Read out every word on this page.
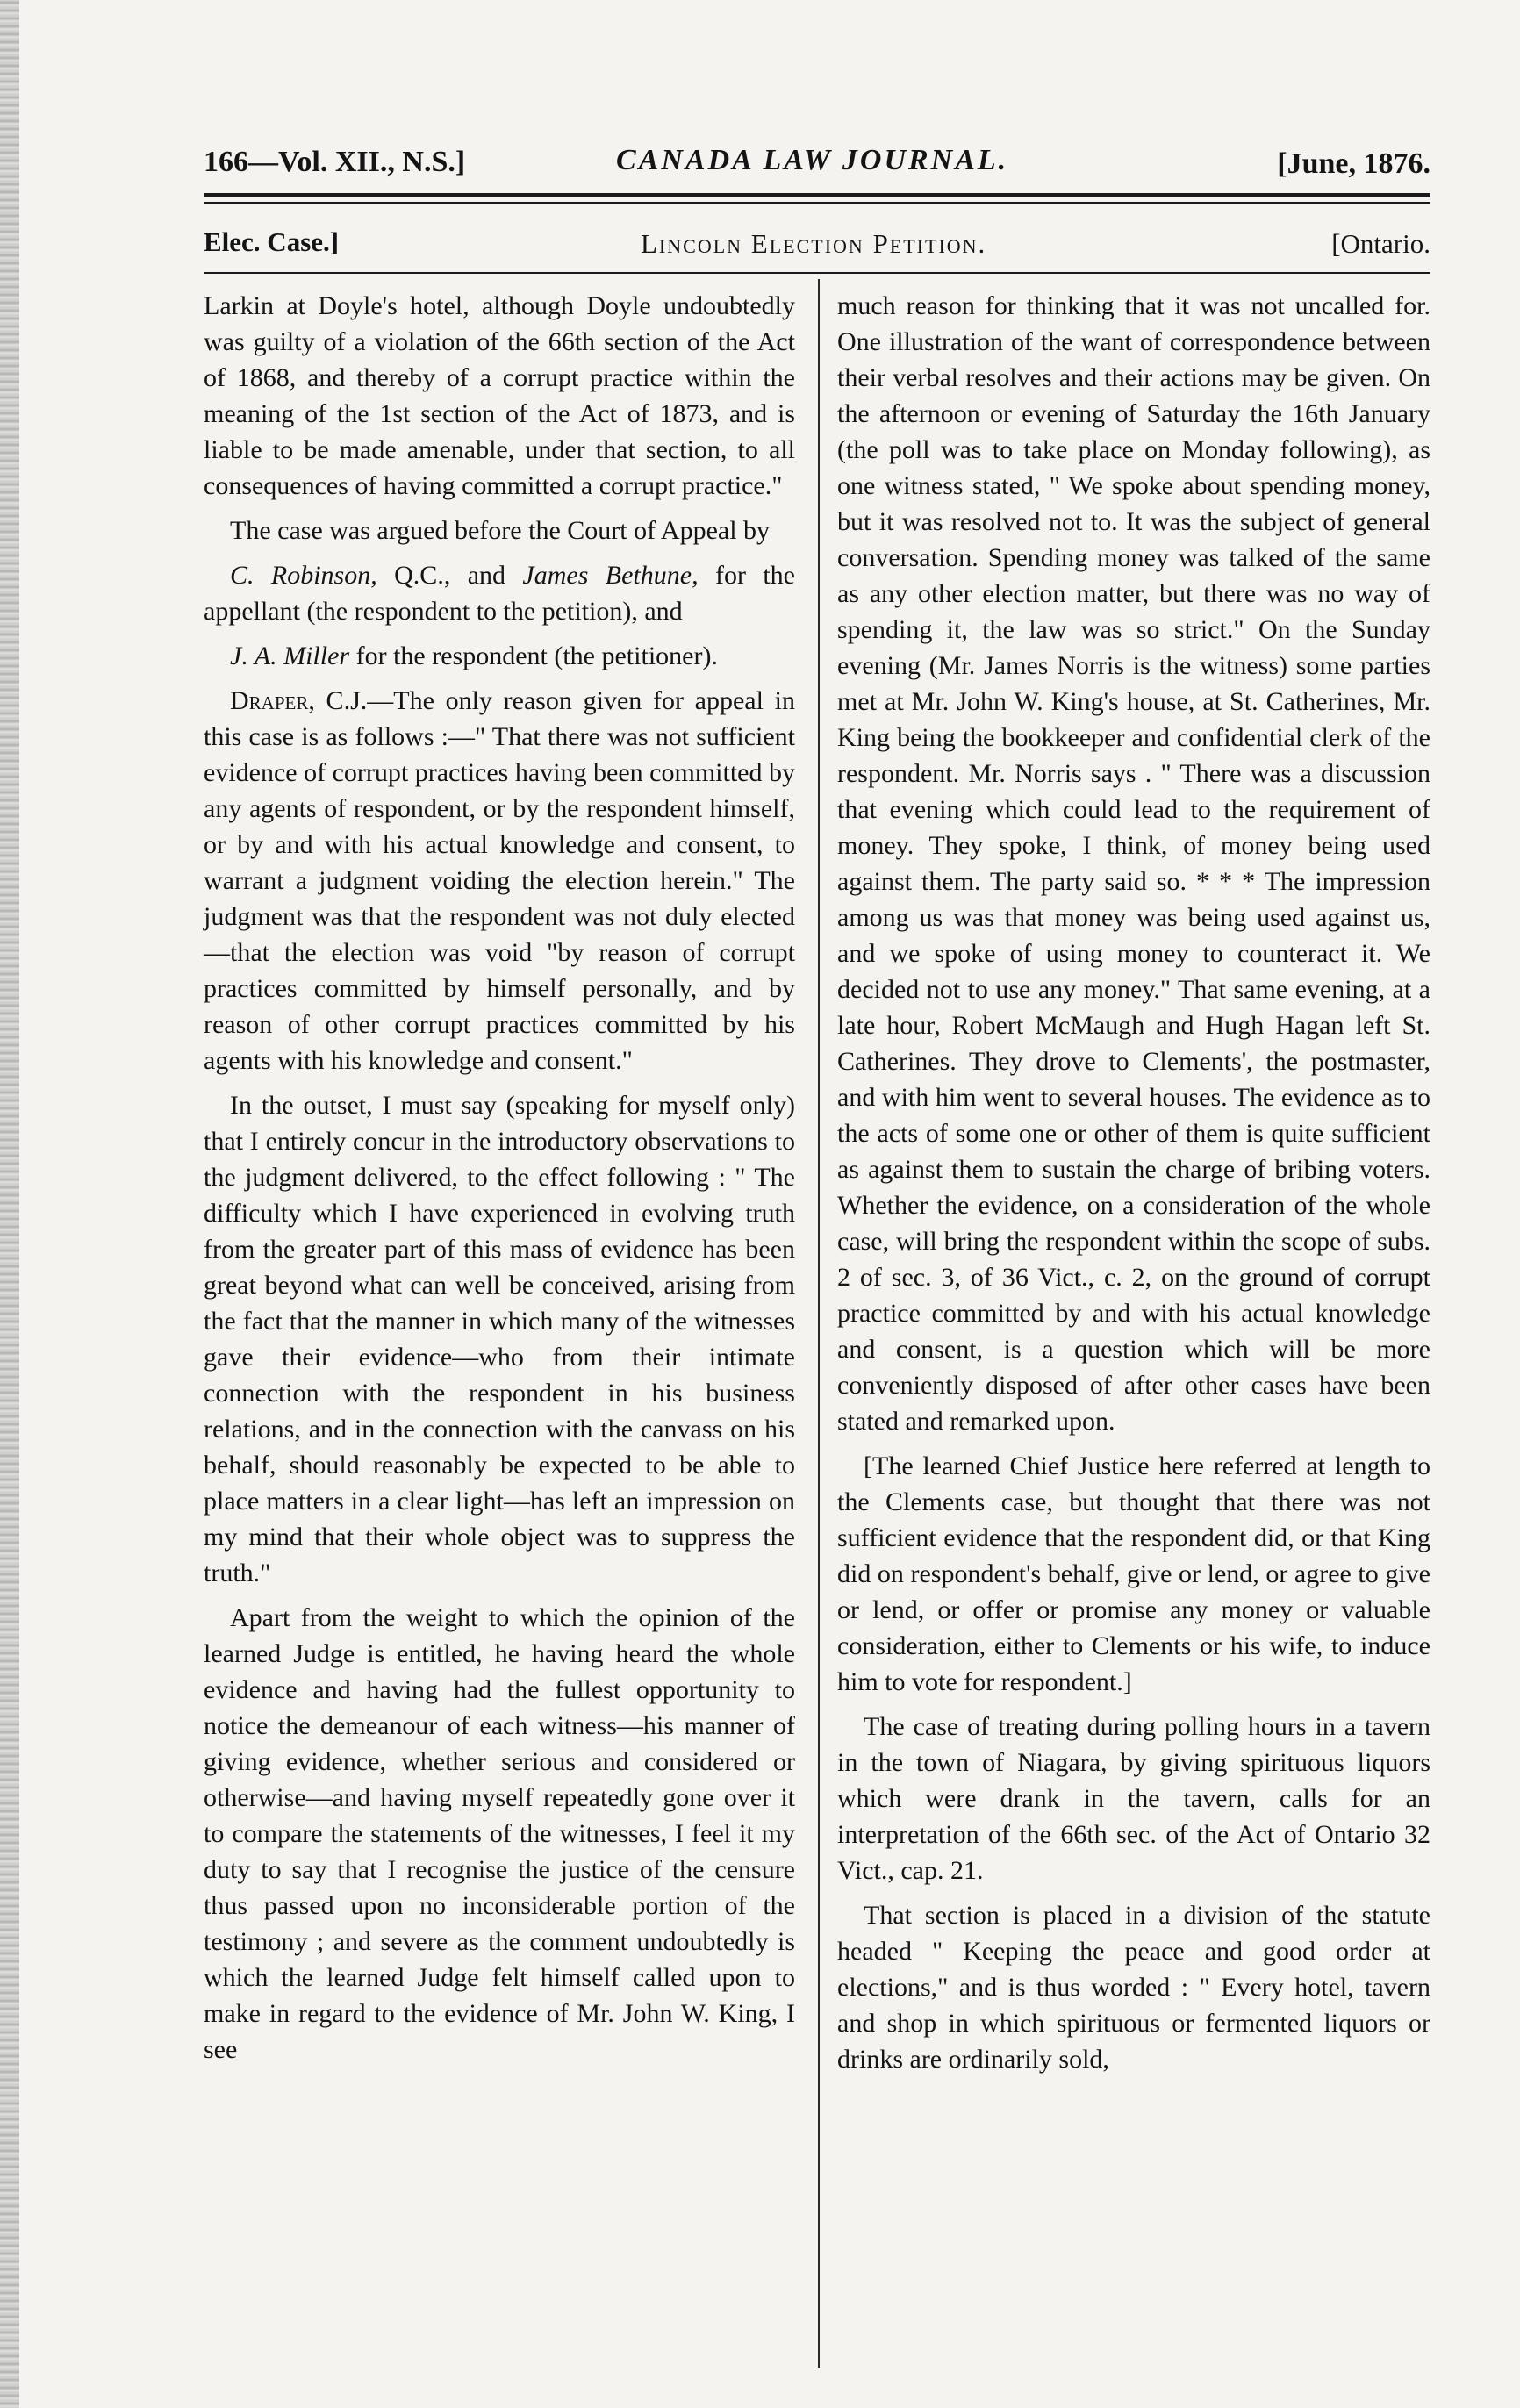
166—Vol. XII., N.S.]	CANADA LAW JOURNAL.	[June, 1876.
Elec. Case.]	Lincoln Election Petition.	[Ontario.

Larkin at Doyle's hotel, although Doyle undoubtedly was guilty of a violation of the 66th section of the Act of 1868, and thereby of a corrupt practice within the meaning of the 1st section of the Act of 1873, and is liable to be made amenable, under that section, to all consequences of having committed a corrupt practice."

The case was argued before the Court of Appeal by

C. Robinson, Q.C., and James Bethune, for the appellant (the respondent to the petition), and

J. A. Miller for the respondent (the petitioner).

Draper, C.J.—The only reason given for appeal in this case is as follows :—" That there was not sufficient evidence of corrupt practices having been committed by any agents of respondent, or by the respondent himself, or by and with his actual knowledge and consent, to warrant a judgment voiding the election herein." The judgment was that the respondent was not duly elected—that the election was void "by reason of corrupt practices committed by himself personally, and by reason of other corrupt practices committed by his agents with his knowledge and consent."

In the outset, I must say (speaking for myself only) that I entirely concur in the introductory observations to the judgment delivered, to the effect following : " The difficulty which I have experienced in evolving truth from the greater part of this mass of evidence has been great beyond what can well be conceived, arising from the fact that the manner in which many of the witnesses gave their evidence—who from their intimate connection with the respondent in his business relations, and in the connection with the canvass on his behalf, should reasonably be expected to be able to place matters in a clear light—has left an impression on my mind that their whole object was to suppress the truth."

Apart from the weight to which the opinion of the learned Judge is entitled, he having heard the whole evidence and having had the fullest opportunity to notice the demeanour of each witness—his manner of giving evidence, whether serious and considered or otherwise—and having myself repeatedly gone over it to compare the statements of the witnesses, I feel it my duty to say that I recognise the justice of the censure thus passed upon no inconsiderable portion of the testimony ; and severe as the comment undoubtedly is which the learned Judge felt himself called upon to make in regard to the evidence of Mr. John W. King, I see

much reason for thinking that it was not uncalled for. One illustration of the want of correspondence between their verbal resolves and their actions may be given. On the afternoon or evening of Saturday the 16th January (the poll was to take place on Monday following), as one witness stated, " We spoke about spending money, but it was resolved not to. It was the subject of general conversation. Spending money was talked of the same as any other election matter, but there was no way of spending it, the law was so strict." On the Sunday evening (Mr. James Norris is the witness) some parties met at Mr. John W. King's house, at St. Catherines, Mr. King being the bookkeeper and confidential clerk of the respondent. Mr. Norris says . " There was a discussion that evening which could lead to the requirement of money. They spoke, I think, of money being used against them. The party said so. * * * The impression among us was that money was being used against us, and we spoke of using money to counteract it. We decided not to use any money." That same evening, at a late hour, Robert McMaugh and Hugh Hagan left St. Catherines. They drove to Clements', the postmaster, and with him went to several houses. The evidence as to the acts of some one or other of them is quite sufficient as against them to sustain the charge of bribing voters. Whether the evidence, on a consideration of the whole case, will bring the respondent within the scope of subs. 2 of sec. 3, of 36 Vict., c. 2, on the ground of corrupt practice committed by and with his actual knowledge and consent, is a question which will be more conveniently disposed of after other cases have been stated and remarked upon.

[The learned Chief Justice here referred at length to the Clements case, but thought that there was not sufficient evidence that the respondent did, or that King did on respondent's behalf, give or lend, or agree to give or lend, or offer or promise any money or valuable consideration, either to Clements or his wife, to induce him to vote for respondent.]

The case of treating during polling hours in a tavern in the town of Niagara, by giving spirituous liquors which were drank in the tavern, calls for an interpretation of the 66th sec. of the Act of Ontario 32 Vict., cap. 21.

That section is placed in a division of the statute headed " Keeping the peace and good order at elections," and is thus worded : " Every hotel, tavern and shop in which spirituous or fermented liquors or drinks are ordinarily sold,
